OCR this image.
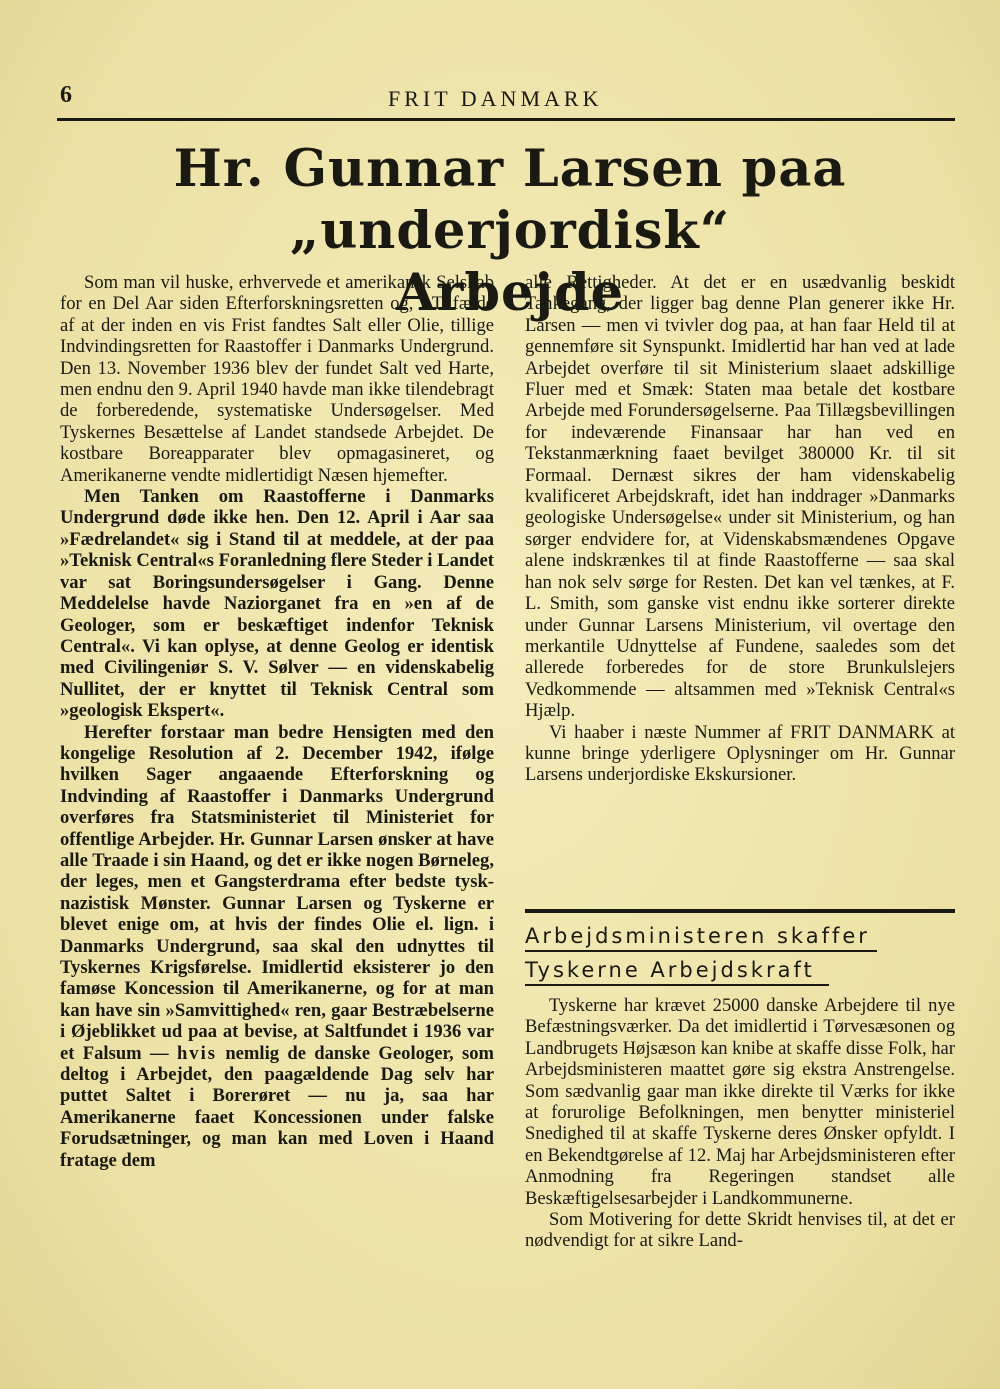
6	FRIT DANMARK
Hr. Gunnar Larsen paa „underjordisk“
Arbejde

Som man vil huske, erhvervede et amerikansk Selskab for en Del Aar siden Efterforskningsretten og, i Tilfælde af at der inden en vis Frist fandtes Salt eller Olie, tillige Indvindingsretten for Raastoffer i Danmarks Undergrund. Den 13. November 1936 blev der fundet Salt ved Harte, men endnu den 9. April 1940 havde man ikke tilendebragt de forberedende, systematiske Undersøgelser. Med Tyskernes Besættelse af Landet standsede Arbejdet. De kostbare Boreapparater blev opmagasineret, og Amerikanerne vendte midlertidigt Næsen hjemefter.

Men Tanken om Raastofferne i Danmarks Undergrund døde ikke hen. Den 12. April i Aar saa »Fædrelandet« sig i Stand til at meddele, at der paa »Teknisk Central«s Foranledning flere Steder i Landet var sat Boringsundersøgelser i Gang. Denne Meddelelse havde Naziorganet fra en »en af de Geologer, som er beskæftiget indenfor Teknisk Central«. Vi kan oplyse, at denne Geolog er identisk med Civilingeniør S. V. Sølver — en videnskabelig Nullitet, der er knyttet til Teknisk Central som »geologisk Ekspert«.

Herefter forstaar man bedre Hensigten med den kongelige Resolution af 2. December 1942, ifølge hvilken Sager angaaende Efterforskning og Indvinding af Raastoffer i Danmarks Undergrund overføres fra Statsministeriet til Ministeriet for offentlige Arbejder. Hr. Gunnar Larsen ønsker at have alle Traade i sin Haand, og det er ikke nogen Børneleg, der leges, men et Gangsterdrama efter bedste tysk-nazistisk Mønster. Gunnar Larsen og Tyskerne er blevet enige om, at hvis der findes Olie el. lign. i Danmarks Undergrund, saa skal den udnyttes til Tyskernes Krigsførelse. Imidlertid eksisterer jo den famøse Koncession til Amerikanerne, og for at man kan have sin »Samvittighed« ren, gaar Bestræbelserne i Øjeblikket ud paa at bevise, at Saltfundet i 1936 var et Falsum — hvis nemlig de danske Geologer, som deltog i Arbejdet, den paagældende Dag selv har puttet Saltet i Borerøret — nu ja, saa har Amerikanerne faaet Koncessionen under falske Forudsætninger, og man kan med Loven i Haand fratage dem

alle Rettigheder. At det er en usædvanlig beskidt Tankegang, der ligger bag denne Plan generer ikke Hr. Larsen — men vi tvivler dog paa, at han faar Held til at gennemføre sit Synspunkt. Imidlertid har han ved at lade Arbejdet overføre til sit Ministerium slaaet adskillige Fluer med et Smæk: Staten maa betale det kostbare Arbejde med Forundersøgelserne. Paa Tillægsbevillingen for indeværende Finansaar har han ved en Tekstanmærkning faaet bevilget 380000 Kr. til sit Formaal. Dernæst sikres der ham videnskabelig kvalificeret Arbejdskraft, idet han inddrager »Danmarks geologiske Undersøgelse« under sit Ministerium, og han sørger endvidere for, at Videnskabsmændenes Opgave alene indskrænkes til at finde Raastofferne — saa skal han nok selv sørge for Resten. Det kan vel tænkes, at F. L. Smith, som ganske vist endnu ikke sorterer direkte under Gunnar Larsens Ministerium, vil overtage den merkantile Udnyttelse af Fundene, saaledes som det allerede forberedes for de store Brunkulslejers Vedkommende — altsammen med »Teknisk Central«s Hjælp.

Vi haaber i næste Nummer af FRIT DANMARK at kunne bringe yderligere Oplysninger om Hr. Gunnar Larsens underjordiske Ekskursioner.

Arbejdsministeren skaffer
Tyskerne Arbejdskraft

Tyskerne har krævet 25000 danske Arbejdere til nye Befæstningsværker. Da det imidlertid i Tørvesæsonen og Landbrugets Højsæson kan knibe at skaffe disse Folk, har Arbejdsministeren maattet gøre sig ekstra Anstrengelse. Som sædvanlig gaar man ikke direkte til Værks for ikke at forurolige Befolkningen, men benytter ministeriel Snedighed til at skaffe Tyskerne deres Ønsker opfyldt. I en Bekendtgørelse af 12. Maj har Arbejdsministeren efter Anmodning fra Regeringen standset alle Beskæftigelsesarbejder i Landkommunerne.

Som Motivering for dette Skridt henvises til, at det er nødvendigt for at sikre Land-
